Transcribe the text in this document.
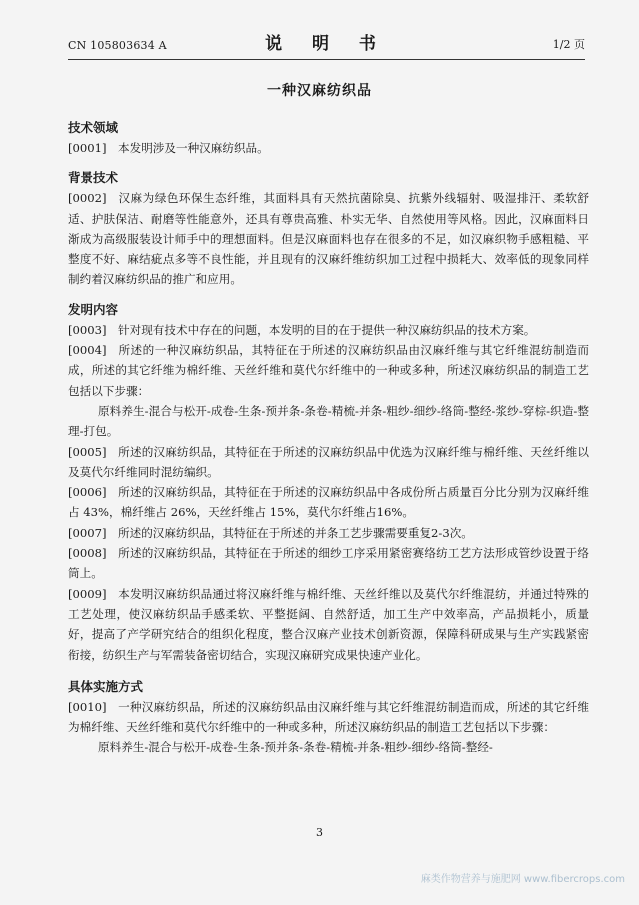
CN 105803634 A	说 明 书	1/2 页
一种汉麻纺织品

技术领域

[0001] 本发明涉及一种汉麻纺织品。

背景技术

[0002] 汉麻为绿色环保生态纤维，其面料具有天然抗菌除臭、抗紫外线辐射、吸湿排汗、柔软舒适、护肤保洁、耐磨等性能意外，还具有尊贵高雅、朴实无华、自然使用等风格。因此，汉麻面料日渐成为高级服装设计师手中的理想面料。但是汉麻面料也存在很多的不足，如汉麻织物手感粗糙、平整度不好、麻结疵点多等不良性能，并且现有的汉麻纤维纺织加工过程中损耗大、效率低的现象同样制约着汉麻纺织品的推广和应用。

发明内容

[0003] 针对现有技术中存在的问题，本发明的目的在于提供一种汉麻纺织品的技术方案。

[0004] 所述的一种汉麻纺织品，其特征在于所述的汉麻纺织品由汉麻纤维与其它纤维混纺制造而成，所述的其它纤维为棉纤维、天丝纤维和莫代尔纤维中的一种或多种，所述汉麻纺织品的制造工艺包括以下步骤：

原料养生-混合与松开-成卷-生条-预并条-条卷-精梳-并条-粗纱-细纱-络筒-整经-浆纱-穿棕-织造-整理-打包。

[0005] 所述的汉麻纺织品，其特征在于所述的汉麻纺织品中优选为汉麻纤维与棉纤维、天丝纤维以及莫代尔纤维同时混纺编织。

[0006] 所述的汉麻纺织品，其特征在于所述的汉麻纺织品中各成份所占质量百分比分别为汉麻纤维占 43%，棉纤维占 26%，天丝纤维占 15%，莫代尔纤维占16%。

[0007] 所述的汉麻纺织品，其特征在于所述的并条工艺步骤需要重复2-3次。

[0008] 所述的汉麻纺织品，其特征在于所述的细纱工序采用紧密赛络纺工艺方法形成管纱设置于络筒上。

[0009] 本发明汉麻纺织品通过将汉麻纤维与棉纤维、天丝纤维以及莫代尔纤维混纺，并通过特殊的工艺处理，使汉麻纺织品手感柔软、平整挺阔、自然舒适，加工生产中效率高，产品损耗小，质量好，提高了产学研究结合的组织化程度，整合汉麻产业技术创新资源，保障科研成果与生产实践紧密衔接，纺织生产与军需装备密切结合，实现汉麻研究成果快速产业化。

具体实施方式

[0010] 一种汉麻纺织品，所述的汉麻纺织品由汉麻纤维与其它纤维混纺制造而成，所述的其它纤维为棉纤维、天丝纤维和莫代尔纤维中的一种或多种，所述汉麻纺织品的制造工艺包括以下步骤：

原料养生-混合与松开-成卷-生条-预并条-条卷-精梳-并条-粗纱-细纱-络筒-整经-

3
麻类作物营养与施肥网 www.fibercrops.com
